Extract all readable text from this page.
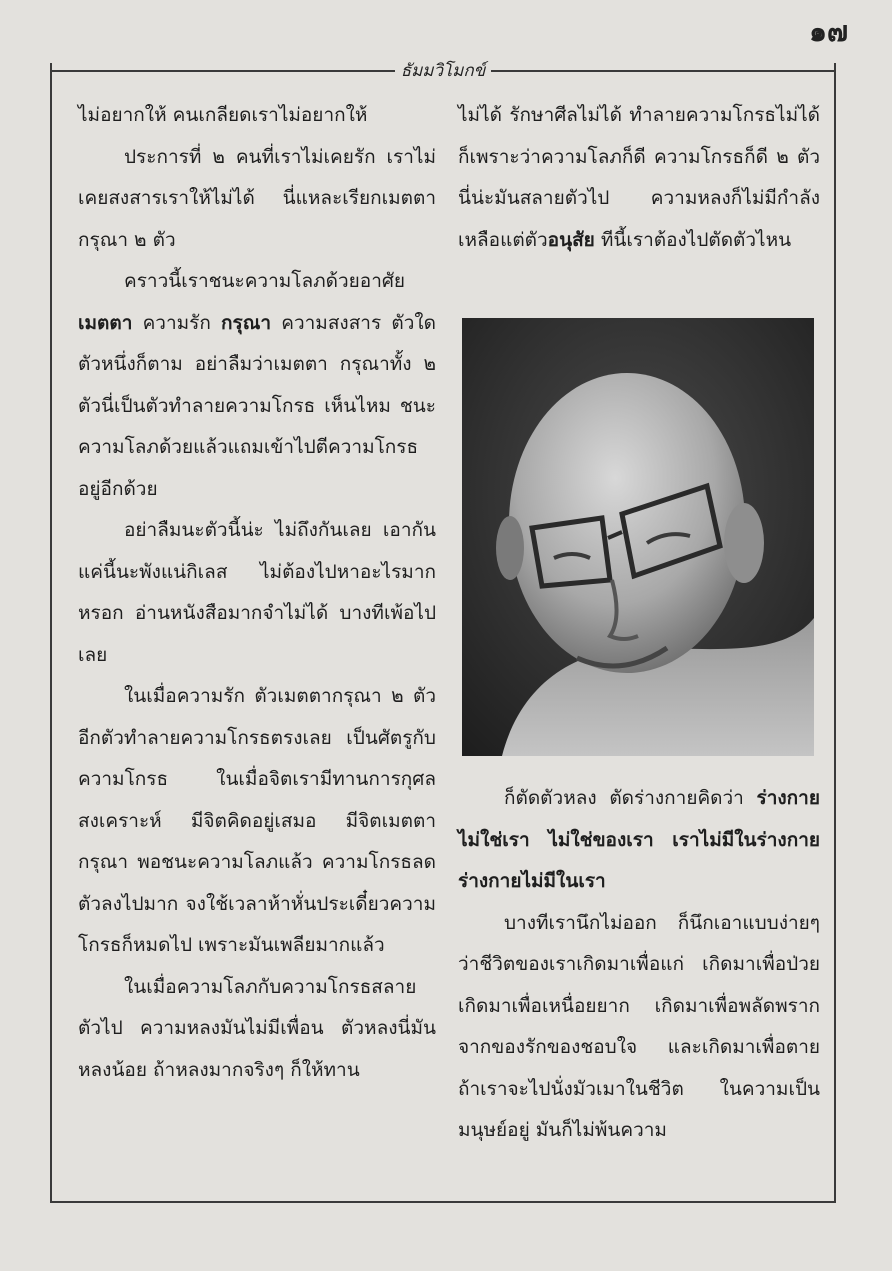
๑๗
ธัมมวิโมกข์

ไม่อยากให้ คนเกลียดเราไม่อยากให้

ประการที่ ๒ คนที่เราไม่เคยรัก เราไม่เคยสงสารเราให้ไม่ได้ นี่แหละเรียกเมตตา กรุณา ๒ ตัว

คราวนี้เราชนะความโลภด้วยอาศัย
เมตตา ความรัก กรุณา ความสงสาร ตัวใดตัวหนึ่งก็ตาม อย่าลืมว่าเมตตา กรุณาทั้ง ๒ ตัวนี่เป็นตัวทำลายความโกรธ เห็นไหม ชนะความโลภด้วยแล้วแถมเข้าไปตีความโกรธอยู่อีกด้วย

อย่าลืมนะตัวนี้น่ะ ไม่ถึงกันเลย เอากันแค่นี้นะพังแน่กิเลส ไม่ต้องไปหาอะไรมากหรอก อ่านหนังสือมากจำไม่ได้ บางทีเพ้อไปเลย

ในเมื่อความรัก ตัวเมตตากรุณา ๒ ตัว อีกตัวทำลายความโกรธตรงเลย เป็นศัตรูกับความโกรธ ในเมื่อจิตเรามีทานการกุศลสงเคราะห์ มีจิตคิดอยู่เสมอ มีจิตเมตตากรุณา พอชนะความโลภแล้ว ความโกรธลดตัวลงไปมาก จงใช้เวลาห้าหั่นประเดี๋ยวความโกรธก็หมดไป เพราะมันเพลียมากแล้ว

ในเมื่อความโลภกับความโกรธสลายตัวไป ความหลงมันไม่มีเพื่อน ตัวหลงนี่มันหลงน้อย ถ้าหลงมากจริงๆ ก็ให้ทาน

ไม่ได้ รักษาศีลไม่ได้ ทำลายความโกรธไม่ได้ ก็เพราะว่าความโลภก็ดี ความโกรธก็ดี ๒ ตัวนี่น่ะมันสลายตัวไป ความหลงก็ไม่มีกำลัง เหลือแต่ตัวอนุสัย ทีนี้เราต้องไปตัดตัวไหน

ก็ตัดตัวหลง ตัดร่างกายคิดว่า ร่างกายไม่ใช่เรา ไม่ใช่ของเรา เราไม่มีในร่างกาย ร่างกายไม่มีในเรา

บางทีเรานึกไม่ออก ก็นึกเอาแบบง่ายๆ ว่าชีวิตของเราเกิดมาเพื่อแก่ เกิดมาเพื่อป่วย เกิดมาเพื่อเหนื่อยยาก เกิดมาเพื่อพลัดพรากจากของรักของชอบใจ และเกิดมาเพื่อตาย ถ้าเราจะไปนั่งมัวเมาในชีวิต ในความเป็นมนุษย์อยู่ มันก็ไม่พ้นความ
